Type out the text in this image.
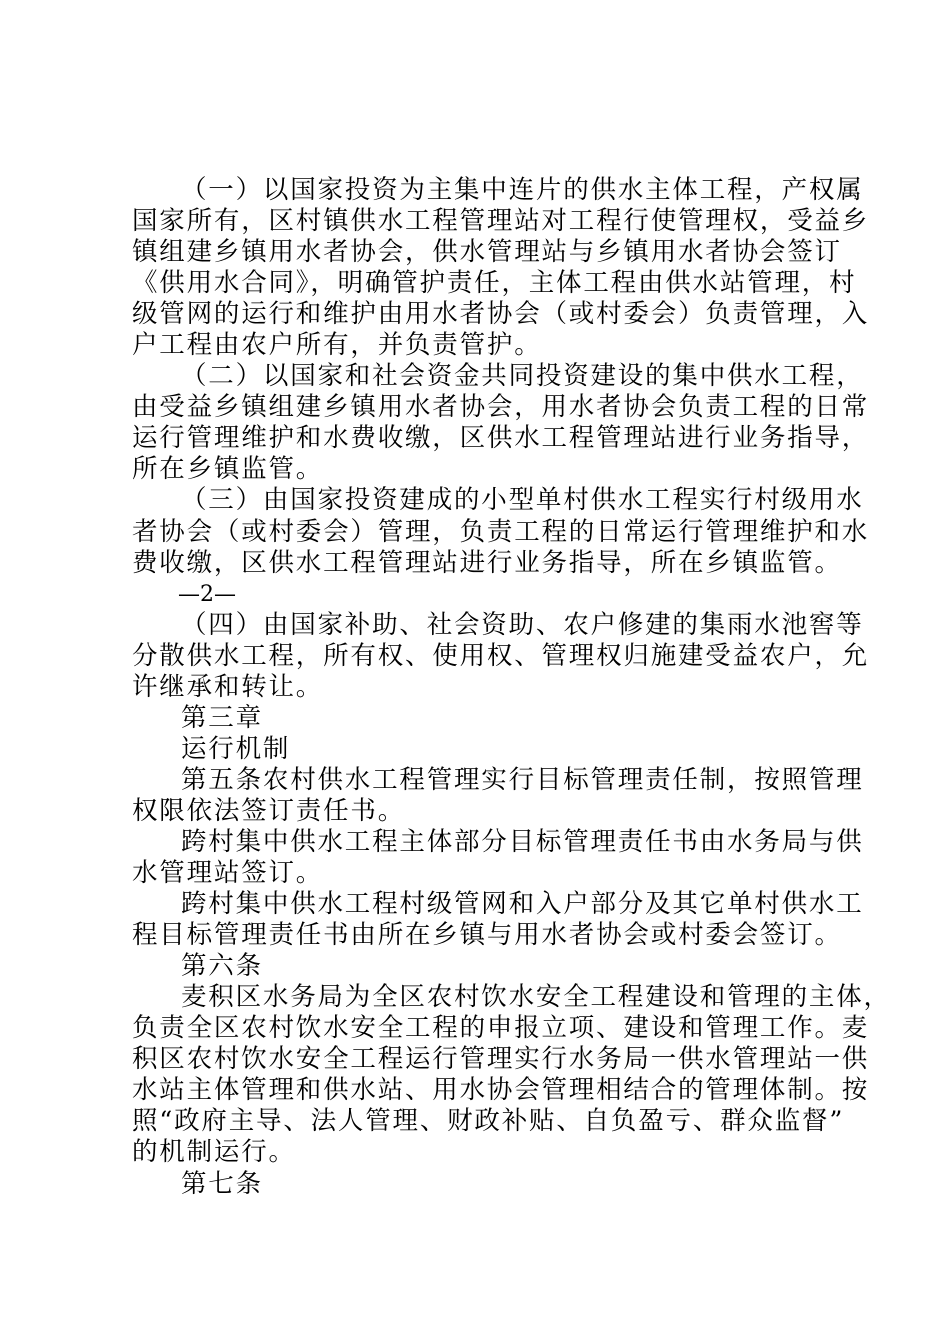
（一）以国家投资为主集中连片的供水主体工程，产权属
国家所有，区村镇供水工程管理站对工程行使管理权，受益乡
镇组建乡镇用水者协会，供水管理站与乡镇用水者协会签订
《供用水合同》，明确管护责任，主体工程由供水站管理，村
级管网的运行和维护由用水者协会（或村委会）负责管理，入
户工程由农户所有，并负责管护。
（二）以国家和社会资金共同投资建设的集中供水工程，
由受益乡镇组建乡镇用水者协会，用水者协会负责工程的日常
运行管理维护和水费收缴，区供水工程管理站进行业务指导，
所在乡镇监管。
（三）由国家投资建成的小型单村供水工程实行村级用水
者协会（或村委会）管理，负责工程的日常运行管理维护和水
费收缴，区供水工程管理站进行业务指导，所在乡镇监管。
—2—
（四）由国家补助、社会资助、农户修建的集雨水池窖等
分散供水工程，所有权、使用权、管理权归施建受益农户，允
许继承和转让。
第三章
运行机制
第五条农村供水工程管理实行目标管理责任制，按照管理
权限依法签订责任书。
跨村集中供水工程主体部分目标管理责任书由水务局与供
水管理站签订。
跨村集中供水工程村级管网和入户部分及其它单村供水工
程目标管理责任书由所在乡镇与用水者协会或村委会签订。
第六条
麦积区水务局为全区农村饮水安全工程建设和管理的主体，
负责全区农村饮水安全工程的申报立项、建设和管理工作。麦
积区农村饮水安全工程运行管理实行水务局一供水管理站一供
水站主体管理和供水站、用水协会管理相结合的管理体制。按
照“政府主导、法人管理、财政补贴、自负盈亏、群众监督”
的机制运行。
第七条
